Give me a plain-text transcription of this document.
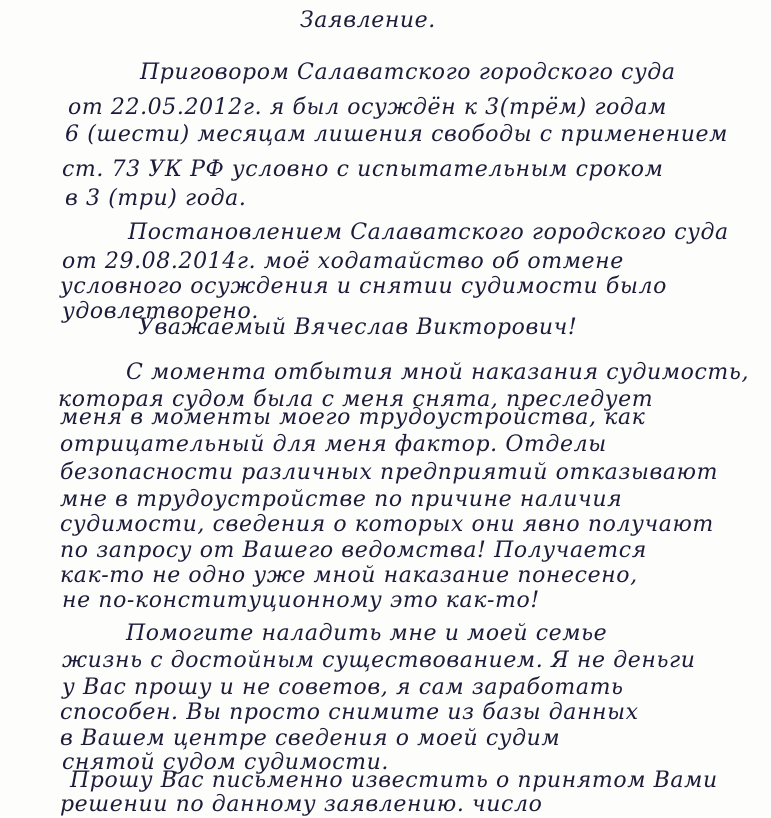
Заявление.
Приговором Салаватского городского суда
от 22.05.2012г. я был осуждён к 3(трём) годам
6 (шести) месяцам лишения свободы с применением
ст. 73 УК РФ условно с испытательным сроком
в 3 (три) года.
Постановлением Салаватского городского суда
от 29.08.2014г. моё ходатайство об отмене
условного осуждения и снятии судимости было
удовлетворено.
Уважаемый Вячеслав Викторович!
С момента отбытия мной наказания судимость,
которая судом была с меня снята, преследует
меня в моменты моего трудоустройства, как
отрицательный для меня фактор. Отделы
безопасности различных предприятий отказывают
мне в трудоустройстве по причине наличия
судимости, сведения о которых они явно получают
по запросу от Вашего ведомства! Получается
как-то не одно уже мной наказание понесено,
не по-конституционному это как-то!
Помогите наладить мне и моей семье
жизнь с достойным существованием. Я не деньги
у Вас прошу и не советов, я сам заработать
способен. Вы просто снимите из базы данных
в Вашем центре сведения о моей судим
снятой судом судимости.
Прошу Вас письменно известить о принятом Вами
решении по данному заявлению. число
